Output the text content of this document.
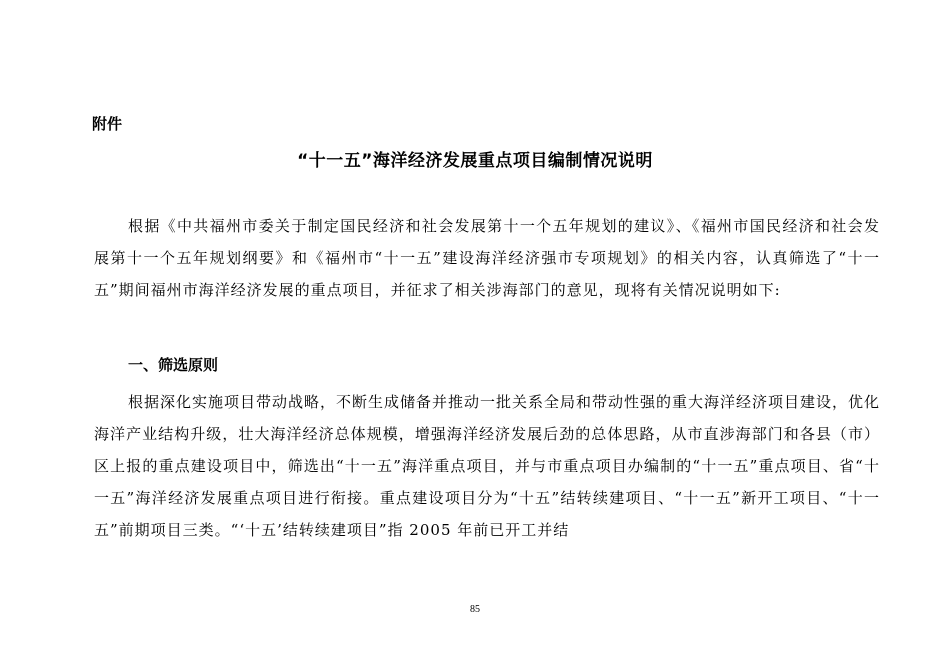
附件
“十一五”海洋经济发展重点项目编制情况说明
根据《中共福州市委关于制定国民经济和社会发展第十一个五年规划的建议》、《福州市国民经济和社会发展第十一个五年规划纲要》和《福州市“十一五”建设海洋经济强市专项规划》的相关内容，认真筛选了“十一五”期间福州市海洋经济发展的重点项目，并征求了相关涉海部门的意见，现将有关情况说明如下:
一、筛选原则
根据深化实施项目带动战略，不断生成储备并推动一批关系全局和带动性强的重大海洋经济项目建设，优化海洋产业结构升级，壮大海洋经济总体规模，增强海洋经济发展后劲的总体思路，从市直涉海部门和各县（市）区上报的重点建设项目中，筛选出“十一五”海洋重点项目，并与市重点项目办编制的“十一五”重点项目、省“十一五”海洋经济发展重点项目进行衔接。重点建设项目分为“十五”结转续建项目、“十一五”新开工项目、“十一五”前期项目三类。“‘十五’结转续建项目”指 2005 年前已开工并结
85
